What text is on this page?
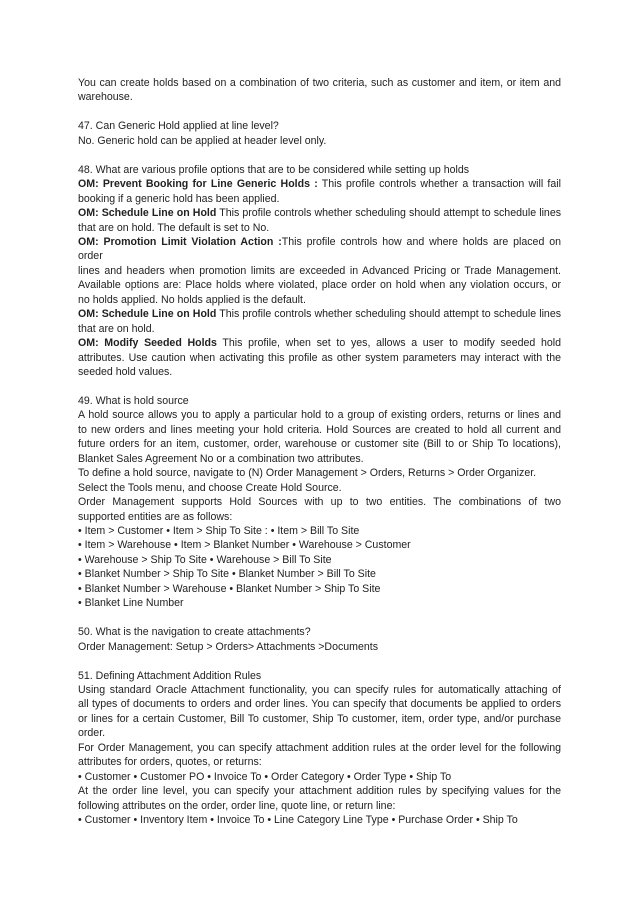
You can create holds based on a combination of two criteria, such as customer and item, or item and
warehouse.
47. Can Generic Hold applied at line level?
No. Generic hold can be applied at header level only.
48. What are various profile options that are to be considered while setting up holds
OM: Prevent Booking for Line Generic Holds : This profile controls whether a transaction will fail
booking if a generic hold has been applied.
OM: Schedule Line on Hold This profile controls whether scheduling should attempt to schedule lines
that are on hold. The default is set to No.
OM: Promotion Limit Violation Action :This profile controls how and where holds are placed on order
lines and headers when promotion limits are exceeded in Advanced Pricing or Trade Management.
Available options are: Place holds where violated, place order on hold when any violation occurs, or
no holds applied. No holds applied is the default.
OM: Schedule Line on Hold This profile controls whether scheduling should attempt to schedule lines
that are on hold.
OM: Modify Seeded Holds This profile, when set to yes, allows a user to modify seeded hold
attributes. Use caution when activating this profile as other system parameters may interact with the
seeded hold values.
49. What is hold source
A hold source allows you to apply a particular hold to a group of existing orders, returns or lines and
to new orders and lines meeting your hold criteria. Hold Sources are created to hold all current and
future orders for an item, customer, order, warehouse or customer site (Bill to or Ship To locations),
Blanket Sales Agreement No or a combination two attributes.
To define a hold source, navigate to (N) Order Management > Orders, Returns > Order Organizer.
Select the Tools menu, and choose Create Hold Source.
Order Management supports Hold Sources with up to two entities. The combinations of two
supported entities are as follows:
• Item > Customer • Item > Ship To Site : • Item > Bill To Site
• Item > Warehouse • Item > Blanket Number • Warehouse > Customer
• Warehouse > Ship To Site • Warehouse > Bill To Site
• Blanket Number > Ship To Site • Blanket Number > Bill To Site
• Blanket Number > Warehouse • Blanket Number > Ship To Site
• Blanket Line Number
50. What is the navigation to create attachments?
Order Management: Setup > Orders> Attachments >Documents
51. Defining Attachment Addition Rules
Using standard Oracle Attachment functionality, you can specify rules for automatically attaching of
all types of documents to orders and order lines. You can specify that documents be applied to orders
or lines for a certain Customer, Bill To customer, Ship To customer, item, order type, and/or purchase
order.
For Order Management, you can specify attachment addition rules at the order level for the following
attributes for orders, quotes, or returns:
• Customer • Customer PO • Invoice To • Order Category • Order Type • Ship To
At the order line level, you can specify your attachment addition rules by specifying values for the
following attributes on the order, order line, quote line, or return line:
• Customer • Inventory Item • Invoice To • Line Category Line Type • Purchase Order • Ship To
